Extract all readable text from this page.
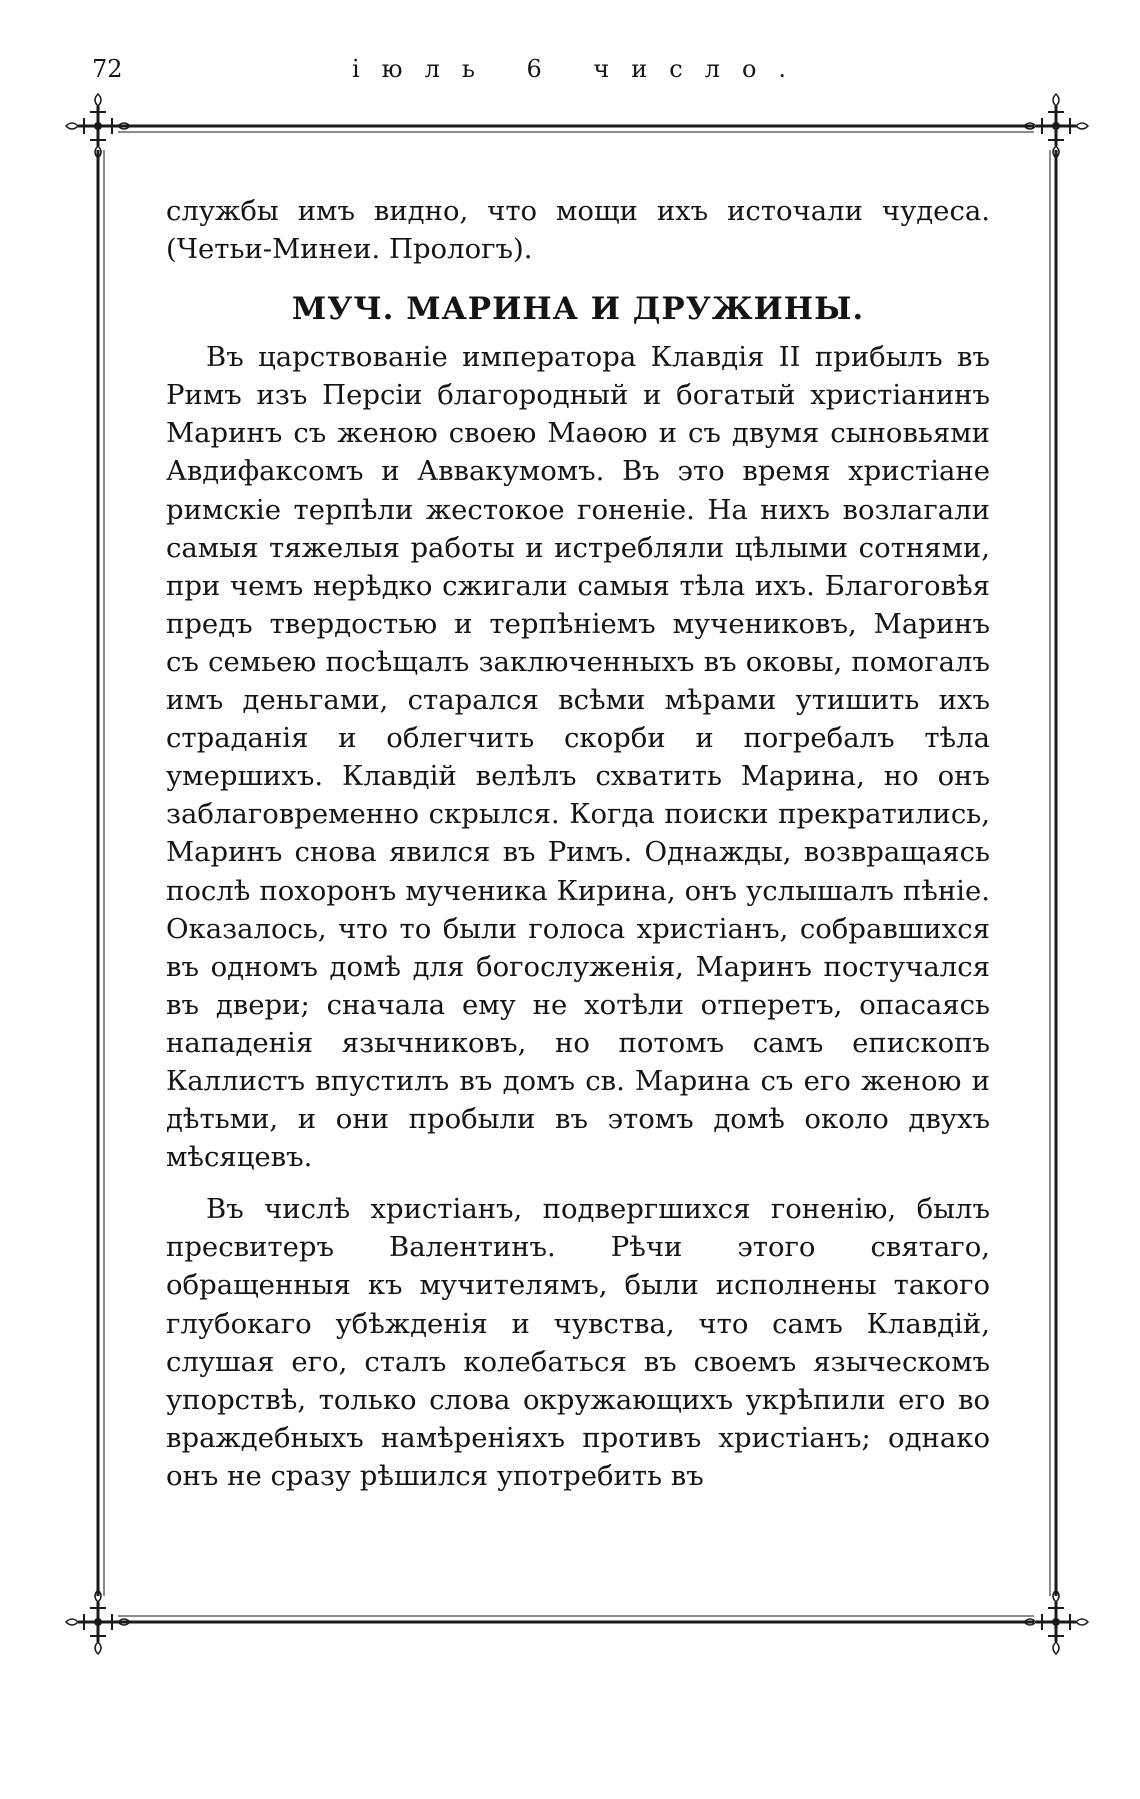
72	іюль 6 число.

службы имъ видно, что мощи ихъ источали чудеса. (Четьи-Минеи. Прологъ).

МУЧ. МАРИНА И ДРУЖИНЫ.

Въ царствованіе императора Клавдія II прибылъ въ Римъ изъ Персіи благородный и богатый христіанинъ Маринъ съ женою своею Маѳою и съ двумя сыновьями Авдифаксомъ и Аввакумомъ. Въ это время христіане римскіе терпѣли жестокое гоненіе. На нихъ возлагали самыя тяжелыя работы и истребляли цѣлыми сотнями, при чемъ нерѣдко сжигали самыя тѣла ихъ. Благоговѣя предъ твердостью и терпѣніемъ мучениковъ, Маринъ съ семьею посѣщалъ заключенныхъ въ оковы, помогалъ имъ деньгами, старался всѣми мѣрами утишить ихъ страданія и облегчить скорби и погребалъ тѣла умершихъ. Клавдій велѣлъ схватить Марина, но онъ заблаговременно скрылся. Когда поиски прекратились, Маринъ снова явился въ Римъ. Однажды, возвращаясь послѣ похоронъ мученика Кирина, онъ услышалъ пѣніе. Оказалось, что то были голоса христіанъ, собравшихся въ одномъ домѣ для богослуженія, Маринъ постучался въ двери; сначала ему не хотѣли отперетъ, опасаясь нападенія язычниковъ, но потомъ самъ епископъ Каллистъ впустилъ въ домъ св. Марина съ его женою и дѣтьми, и они пробыли въ этомъ домѣ около двухъ мѣсяцевъ.

Въ числѣ христіанъ, подвергшихся гоненію, былъ пресвитеръ Валентинъ. Рѣчи этого святаго, обращенныя къ мучителямъ, были исполнены такого глубокаго убѣжденія и чувства, что самъ Клавдій, слушая его, сталъ колебаться въ своемъ языческомъ упорствѣ, только слова окружающихъ укрѣпили его во враждебныхъ намѣреніяхъ противъ христіанъ; однако онъ не сразу рѣшился употребить въ
